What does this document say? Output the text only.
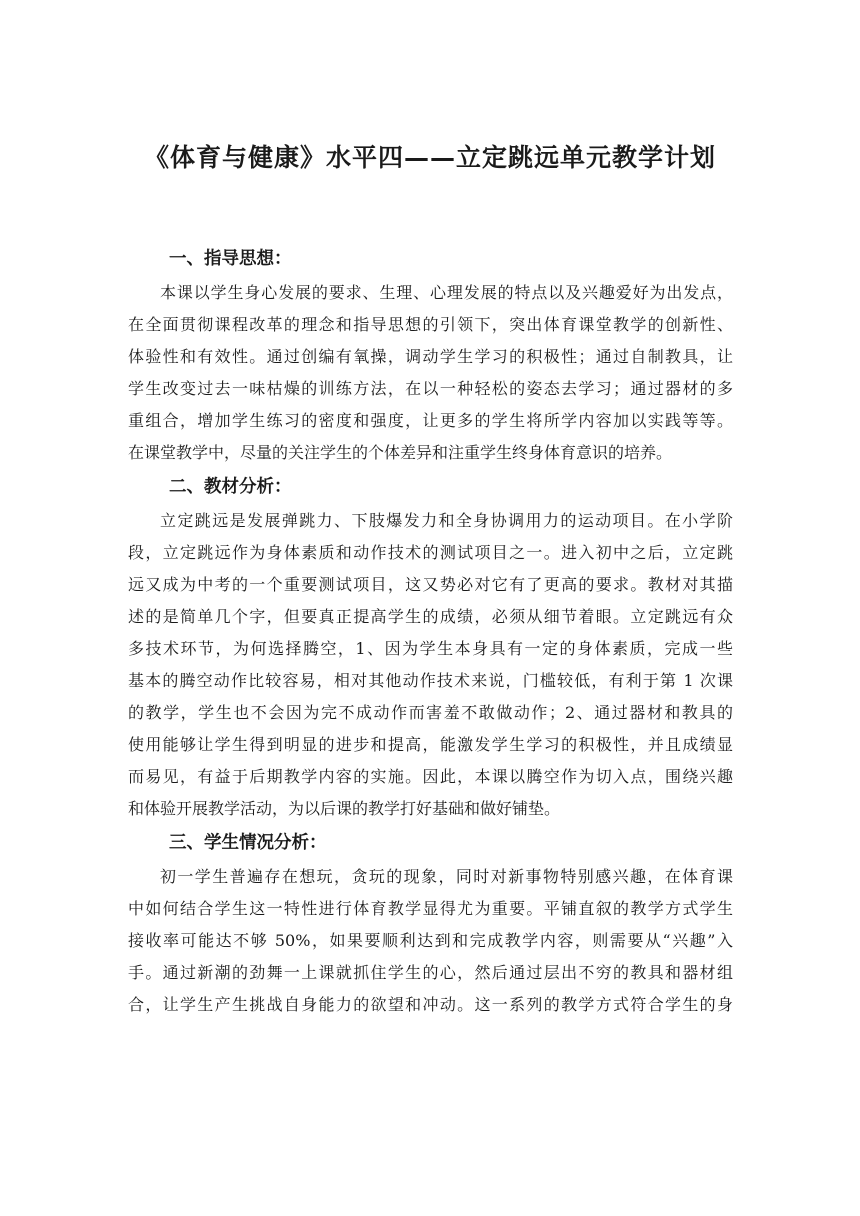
《体育与健康》水平四——立定跳远单元教学计划
一、指导思想：
本课以学生身心发展的要求、生理、心理发展的特点以及兴趣爱好为出发点，
在全面贯彻课程改革的理念和指导思想的引领下，突出体育课堂教学的创新性、
体验性和有效性。通过创编有氧操，调动学生学习的积极性；通过自制教具，让
学生改变过去一味枯燥的训练方法，在以一种轻松的姿态去学习；通过器材的多
重组合，增加学生练习的密度和强度，让更多的学生将所学内容加以实践等等。
在课堂教学中，尽量的关注学生的个体差异和注重学生终身体育意识的培养。
二、教材分析：
立定跳远是发展弹跳力、下肢爆发力和全身协调用力的运动项目。在小学阶
段，立定跳远作为身体素质和动作技术的测试项目之一。进入初中之后，立定跳
远又成为中考的一个重要测试项目，这又势必对它有了更高的要求。教材对其描
述的是简单几个字，但要真正提高学生的成绩，必须从细节着眼。立定跳远有众
多技术环节，为何选择腾空，1、因为学生本身具有一定的身体素质，完成一些
基本的腾空动作比较容易，相对其他动作技术来说，门槛较低，有利于第 1 次课
的教学，学生也不会因为完不成动作而害羞不敢做动作；2、通过器材和教具的
使用能够让学生得到明显的进步和提高，能激发学生学习的积极性，并且成绩显
而易见，有益于后期教学内容的实施。因此，本课以腾空作为切入点，围绕兴趣
和体验开展教学活动，为以后课的教学打好基础和做好铺垫。
三、学生情况分析：
初一学生普遍存在想玩，贪玩的现象，同时对新事物特别感兴趣，在体育课
中如何结合学生这一特性进行体育教学显得尤为重要。平铺直叙的教学方式学生
接收率可能达不够 50%，如果要顺利达到和完成教学内容，则需要从“兴趣”入
手。通过新潮的劲舞一上课就抓住学生的心，然后通过层出不穷的教具和器材组
合，让学生产生挑战自身能力的欲望和冲动。这一系列的教学方式符合学生的身
